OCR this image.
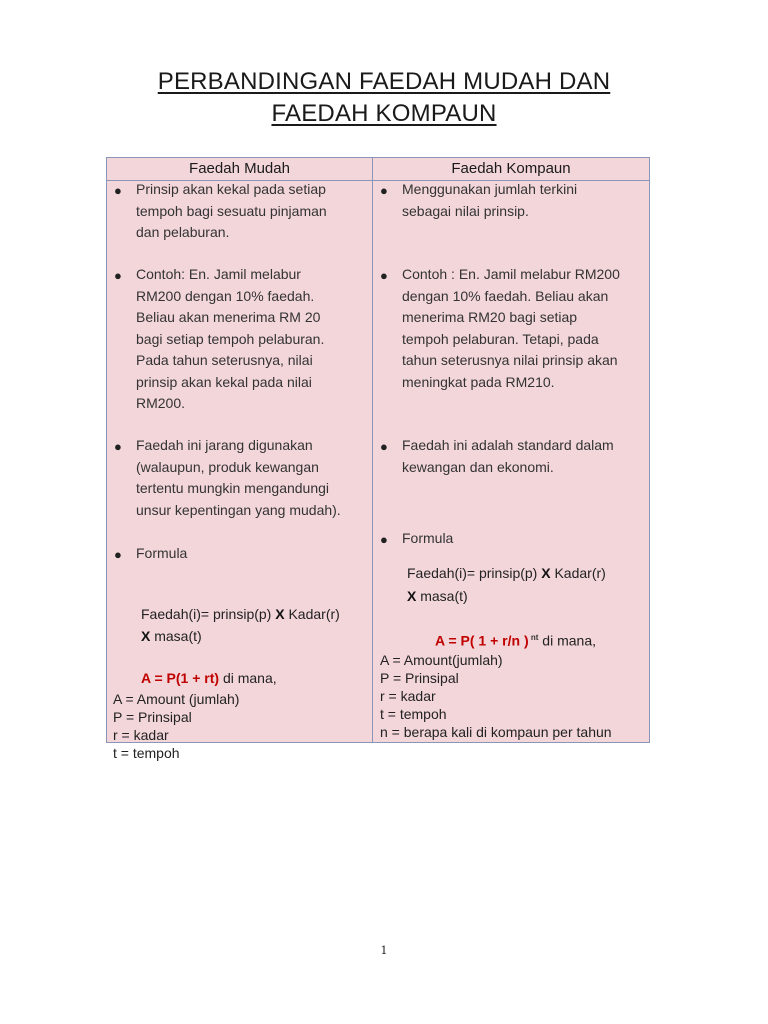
PERBANDINGAN FAEDAH MUDAH DAN
FAEDAH KOMPAUN
Faedah Mudah	Faedah Kompaun
● Prinsip akan kekal pada setiap
tempoh bagi sesuatu pinjaman
dan pelaburan.
● Contoh: En. Jamil melabur
RM200 dengan 10% faedah.
Beliau akan menerima RM 20
bagi setiap tempoh pelaburan.
Pada tahun seterusnya, nilai
prinsip akan kekal pada nilai
RM200.
● Faedah ini jarang digunakan
(walaupun, produk kewangan
tertentu mungkin mengandungi
unsur kepentingan yang mudah).
● Formula

Faedah(i)= prinsip(p) X Kadar(r)

X masa(t)

A = P(1 + rt) di mana,

A = Amount (jumlah)
P = Prinsipal
r = kadar
t = tempoh
● Menggunakan jumlah terkini
sebagai nilai prinsip.
● Contoh : En. Jamil melabur RM200
dengan 10% faedah. Beliau akan
menerima RM20 bagi setiap
tempoh pelaburan. Tetapi, pada
tahun seterusnya nilai prinsip akan
meningkat pada RM210.
● Faedah ini adalah standard dalam
kewangan dan ekonomi.
● Formula

Faedah(i)= prinsip(p) X Kadar(r)

X masa(t)

A = P( 1 + r/n ) $^{nt}$ di mana,

A = Amount(jumlah)
P = Prinsipal
r = kadar
t = tempoh
n = berapa kali di kompaun per tahun
1
